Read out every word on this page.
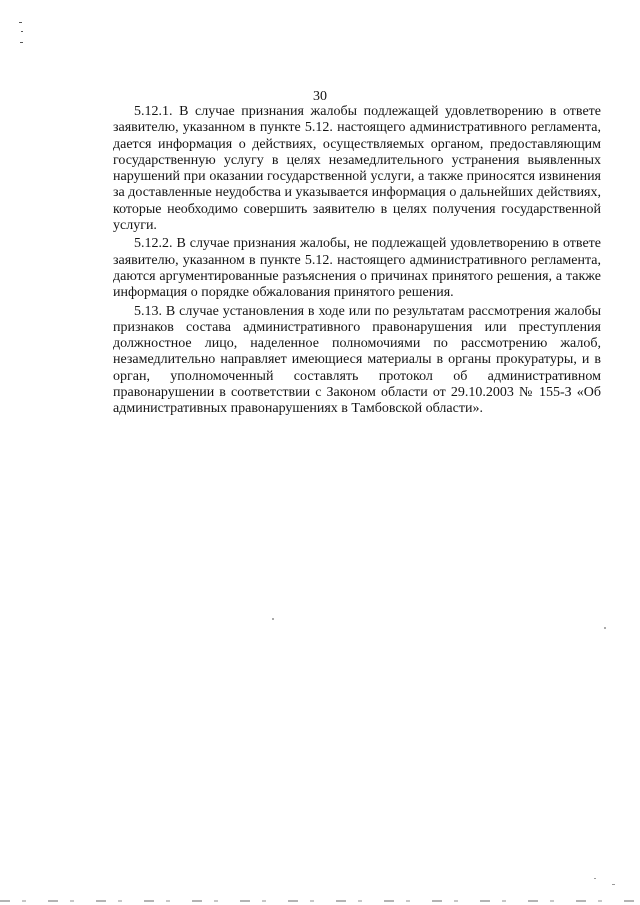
30

5.12.1. В случае признания жалобы подлежащей удовлетворению в ответе заявителю, указанном в пункте 5.12. настоящего административного регламента, дается информация о действиях, осуществляемых органом, предоставляющим государственную услугу в целях незамедлительного устранения выявленных нарушений при оказании государственной услуги, а также приносятся извинения за доставленные неудобства и указывается информация о дальнейших действиях, которые необходимо совершить заявителю в целях получения государственной услуги.

5.12.2. В случае признания жалобы, не подлежащей удовлетворению в ответе заявителю, указанном в пункте 5.12. настоящего административного регламента, даются аргументированные разъяснения о причинах принятого решения, а также информация о порядке обжалования принятого решения.

5.13. В случае установления в ходе или по результатам рассмотрения жалобы признаков состава административного правонарушения или преступления должностное лицо, наделенное полномочиями по рассмотрению жалоб, незамедлительно направляет имеющиеся материалы в органы прокуратуры, и в орган, уполномоченный составлять протокол об административном правонарушении в соответствии с Законом области от 29.10.2003 № 155-З «Об административных правонарушениях в Тамбовской области».
